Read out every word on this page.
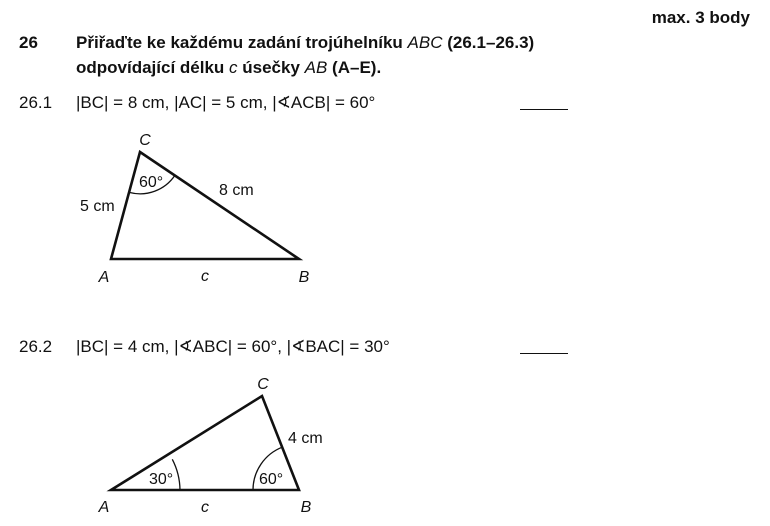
max. 3 body
26 Přiřaďte ke každému zadání trojúhelníku ABC (26.1–26.3)
odpovídající délku c úsečky AB (A–E).
26.1 |BC| = 8 cm, |AC| = 5 cm, |∢ACB| = 60°
C
A	B
5 cm
8 cm
c
60°
26.2 |BC| = 4 cm, |∢ABC| = 60°, |∢BAC| = 30°
C
A	B
4 cm
c
30°	60°
